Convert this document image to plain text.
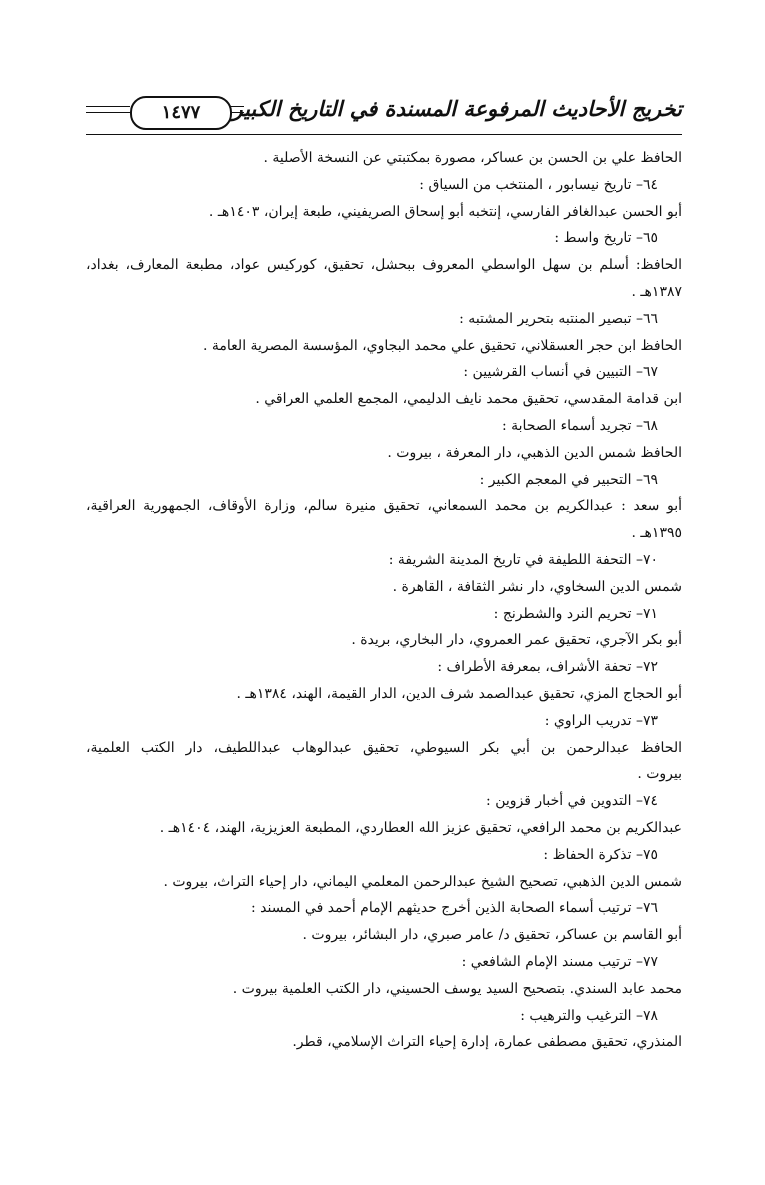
١٤٧٧	تخريج الأحاديث المرفوعة المسندة في التاريخ الكبير

الحافظ علي بن الحسن بن عساكر، مصورة بمكتبتي عن النسخة الأصلية .

٦٤– تاريخ نيسابور ، المنتخب من السياق :

أبو الحسن عبدالغافر الفارسي، إنتخبه أبو إسحاق الصريفيني، طبعة إيران، ١٤٠٣هـ .

٦٥– تاريخ واسط :

الحافظ: أسلم بن سهل الواسطي المعروف ببحشل، تحقيق، كوركيس عواد، مطبعة المعارف، بغداد،

١٣٨٧هـ .

٦٦– تبصير المنتبه بتحرير المشتبه :

الحافظ ابن حجر العسقلاني، تحقيق علي محمد البجاوي، المؤسسة المصرية العامة .

٦٧– التبيين في أنساب القرشيين :

ابن قدامة المقدسي، تحقيق محمد نايف الدليمي، المجمع العلمي العراقي .

٦٨– تجريد أسماء الصحابة :

الحافظ شمس الدين الذهبي، دار المعرفة ، بيروت .

٦٩– التحبير في المعجم الكبير :

أبو سعد : عبدالكريم بن محمد السمعاني، تحقيق منيرة سالم، وزارة الأوقاف، الجمهورية العراقية،

١٣٩٥هـ .

٧٠– التحفة اللطيفة في تاريخ المدينة الشريفة :

شمس الدين السخاوي، دار نشر الثقافة ، القاهرة .

٧١– تحريم النرد والشطرنج :

أبو بكر الآجري، تحقيق عمر العمروي، دار البخاري، بريدة .

٧٢– تحفة الأشراف، بمعرفة الأطراف :

أبو الحجاج المزي، تحقيق عبدالصمد شرف الدين، الدار القيمة، الهند، ١٣٨٤هـ .

٧٣– تدريب الراوي :

الحافظ عبدالرحمن بن أبي بكر السيوطي، تحقيق عبدالوهاب عبداللطيف، دار الكتب العلمية،

بيروت .

٧٤– التدوين في أخبار قزوين :

عبدالكريم بن محمد الرافعي، تحقيق عزيز الله العطاردي، المطبعة العزيزية، الهند، ١٤٠٤هـ .

٧٥– تذكرة الحفاظ :

شمس الدين الذهبي، تصحيح الشيخ عبدالرحمن المعلمي اليماني، دار إحياء التراث، بيروت .

٧٦– ترتيب أسماء الصحابة الذين أخرج حديثهم الإمام أحمد في المسند :

أبو القاسم بن عساكر، تحقيق د/ عامر صبري، دار البشائر، بيروت .

٧٧– ترتيب مسند الإمام الشافعي :

محمد عابد السندي. بتصحيح السيد يوسف الحسيني، دار الكتب العلمية بيروت .

٧٨– الترغيب والترهيب :

المنذري، تحقيق مصطفى عمارة، إدارة إحياء التراث الإسلامي، قطر.
